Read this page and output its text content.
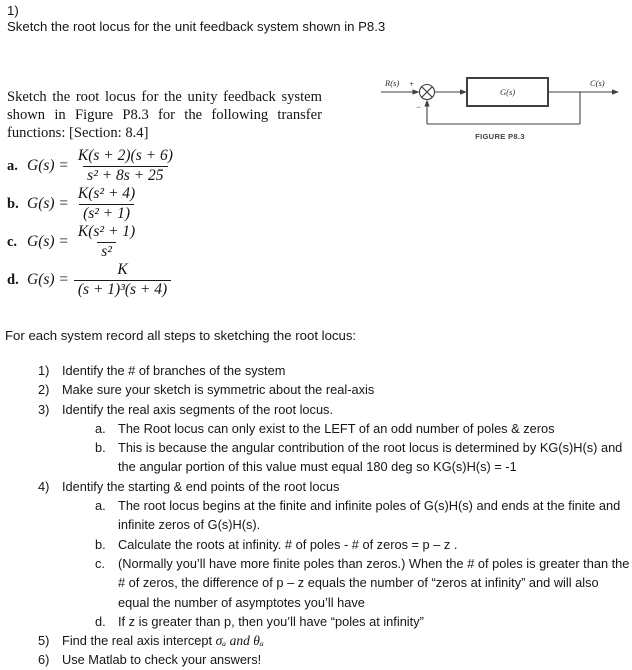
1)
Sketch the root locus for the unit feedback system shown in P8.3
Sketch the root locus for the unity feedback system
shown in Figure P8.3 for the following transfer
functions: [Section: 8.4]
a. $G(s) = \frac{K(s + 2)(s + 6)}{\text{s² + 8s + 25}}$
b. $G(s) = \frac{\text{K(s² + 4)}}{\text{(s² + 1)}}$
c. $G(s) = \frac{\text{K(s² + 1)}}{\text{s²}}$
d. $G(s) = \frac{K}{\text{(s + 1)³(s + 4)}}$
R(s) +
−
G(s)
C(s)
FIGURE P8.3
For each system record all steps to sketching the root locus:
1) Identify the # of branches of the system
2) Make sure your sketch is symmetric about the real-axis
3) Identify the real axis segments of the root locus.
a. The Root locus can only exist to the LEFT of an odd number of poles & zeros
b. This is because the angular contribution of the root locus is determined by KG(s)H(s) and the angular portion of this value must equal 180 deg so KG(s)H(s) = -1
4) Identify the starting & end points of the root locus
a. The root locus begins at the finite and infinite poles of G(s)H(s) and ends at the finite and infinite zeros of G(s)H(s).
b. Calculate the roots at infinity. # of poles - # of zeros = p – z .
c.	(Normally you’ll have more finite poles than zeros.) When the # of poles is greater than the # of zeros, the difference of p – z equals the number of “zeros at infinity” and will also equal the number of asymptotes you’ll have
d. If z is greater than p, then you’ll have “poles at infinity”
5) Find the real axis intercept σₐ and θₐ
6) Use Matlab to check your answers!
